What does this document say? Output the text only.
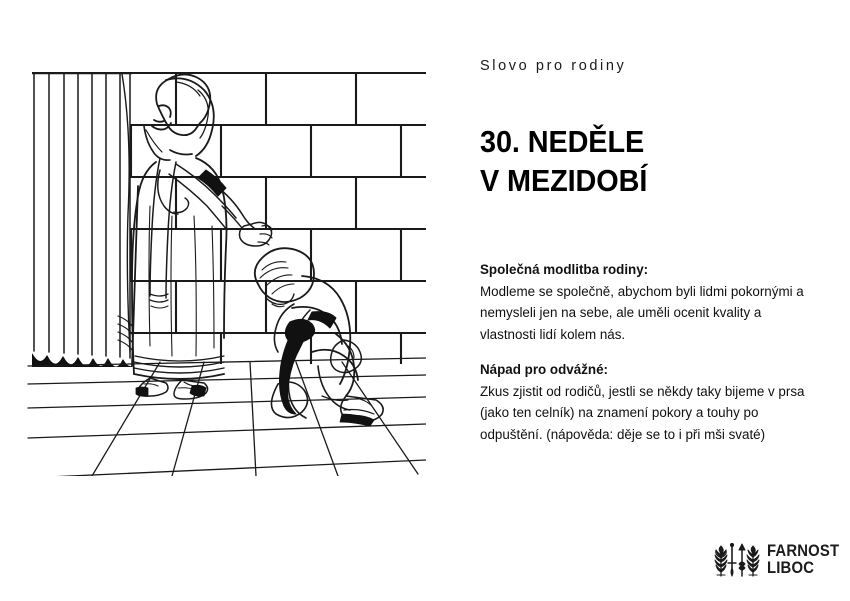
Slovo pro rodiny

30. NEDĚLE
V MEZIDOBÍ

Společná modlitba rodiny:

Modleme se společně, abychom byli lidmi pokornými a nemysleli jen na sebe, ale uměli ocenit kvality a vlastnosti lidí kolem nás.

Nápad pro odvážné:

Zkus zjistit od rodičů, jestli se někdy taky bijeme v prsa (jako ten celník) na znamení pokory a touhy po odpuštění. (nápověda: děje se to i při mši svaté)

FARNOST
LIBOC
